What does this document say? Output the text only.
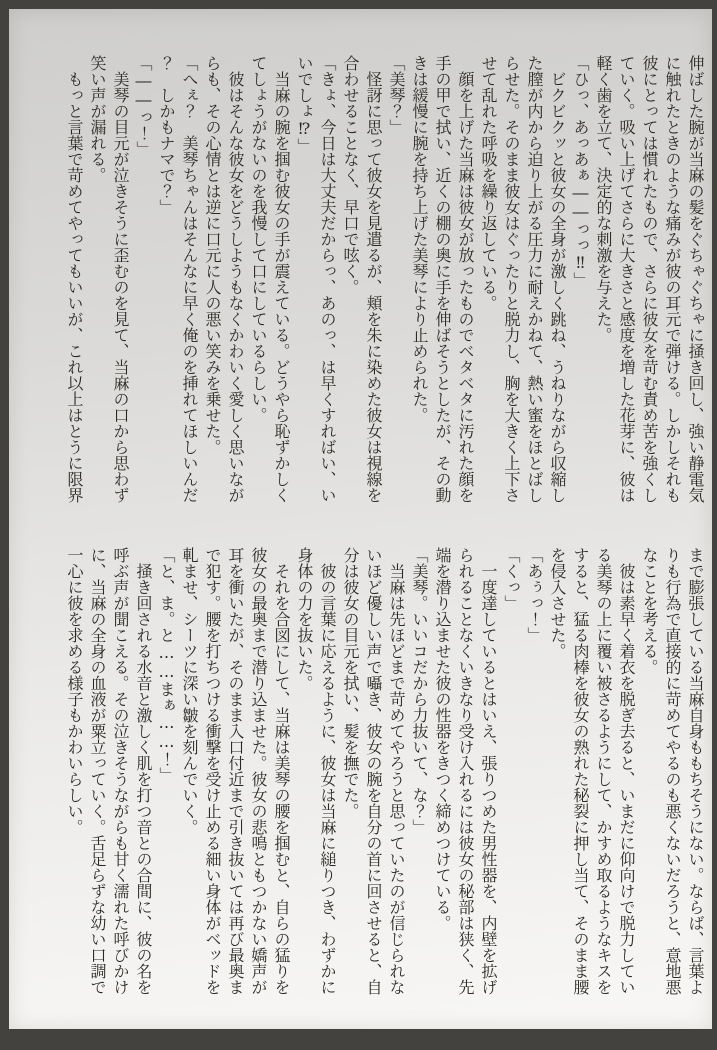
伸ばした腕が当麻の髪をぐちゃぐちゃに掻き回し、強い静電気

に触れたときのような痛みが彼の耳元で弾ける。しかしそれも

彼にとっては慣れたもので、さらに彼女を苛む責め苦を強くし

ていく。吸い上げてさらに大きさと感度を増した花芽に、彼は

軽く歯を立て、決定的な刺激を与えた。

「ひっ、あっあぁ――っっ‼」

　ビクビクッと彼女の全身が激しく跳ね、うねりながら収縮し

た膣が内から迫り上がる圧力に耐えかねて、熱い蜜をほとばし

らせた。そのまま彼女はぐったりと脱力し、胸を大きく上下さ

せて乱れた呼吸を繰り返している。

　顔を上げた当麻は彼女が放ったものでベタベタに汚れた顔を

手の甲で拭い、近くの棚の奥に手を伸ばそうとしたが、その動

きは緩慢に腕を持ち上げた美琴により止められた。

「美琴？」

　怪訝に思って彼女を見遣るが、頬を朱に染めた彼女は視線を

合わせることなく、早口で呟く。

「きょ、今日は大丈夫だからっ、あのっ、は早くすればい、い

いでしょ⁉」

　当麻の腕を掴む彼女の手が震えている。どうやら恥ずかしく

てしょうがないのを我慢して口にしているらしい。

　彼はそんな彼女をどうしようもなくかわいく愛しく思いなが

らも、その心情とは逆に口元に人の悪い笑みを乗せた。

「へぇ？　美琴ちゃんはそんなに早く俺のを挿れてほしいんだ

？　しかもナマで？」

「――っ！」

　美琴の目元が泣きそうに歪むのを見て、当麻の口から思わず

笑い声が漏れる。

　もっと言葉で苛めてやってもいいが、これ以上はとうに限界

まで膨張している当麻自身ももちそうにない。ならば、言葉よ

りも行為で直接的に苛めてやるのも悪くないだろうと、意地悪

なことを考える。

　彼は素早く着衣を脱ぎ去ると、いまだに仰向けで脱力してい

る美琴の上に覆い被さるようにして、かすめ取るようなキスを

すると、猛る肉棒を彼女の熟れた秘裂に押し当て、そのまま腰

を侵入させた。

「あぅっ！」

「くっ」

　一度達しているとはいえ、張りつめた男性器を、内壁を拡げ

られることなくいきなり受け入れるには彼女の秘部は狭く、先

端を潜り込ませた彼の性器をきつく締めつけている。

「美琴。いいコだから力抜いて、な？」

　当麻は先ほどまで苛めてやろうと思っていたのが信じられな

いほど優しい声で囁き、彼女の腕を自分の首に回させると、自

分は彼女の目元を拭い、髪を撫でた。

　彼の言葉に応えるように、彼女は当麻に縋りつき、わずかに

身体の力を抜いた。

　それを合図にして、当麻は美琴の腰を掴むと、自らの猛りを

彼女の最奥まで潜り込ませた。彼女の悲鳴ともつかない嬌声が

耳を衝いたが、そのまま入口付近まで引き抜いては再び最奥ま

で犯す。腰を打ちつける衝撃を受け止める細い身体がベッドを

軋ませ、シーツに深い皺を刻んでいく。

「と、ま。と……まぁ……！」

　掻き回される水音と激しく肌を打つ音との合間に、彼の名を

呼ぶ声が聞こえる。その泣きそうながらも甘く濡れた呼びかけ

に、当麻の全身の血液が粟立っていく。舌足らずな幼い口調で

一心に彼を求める様子もかわいらしい。
